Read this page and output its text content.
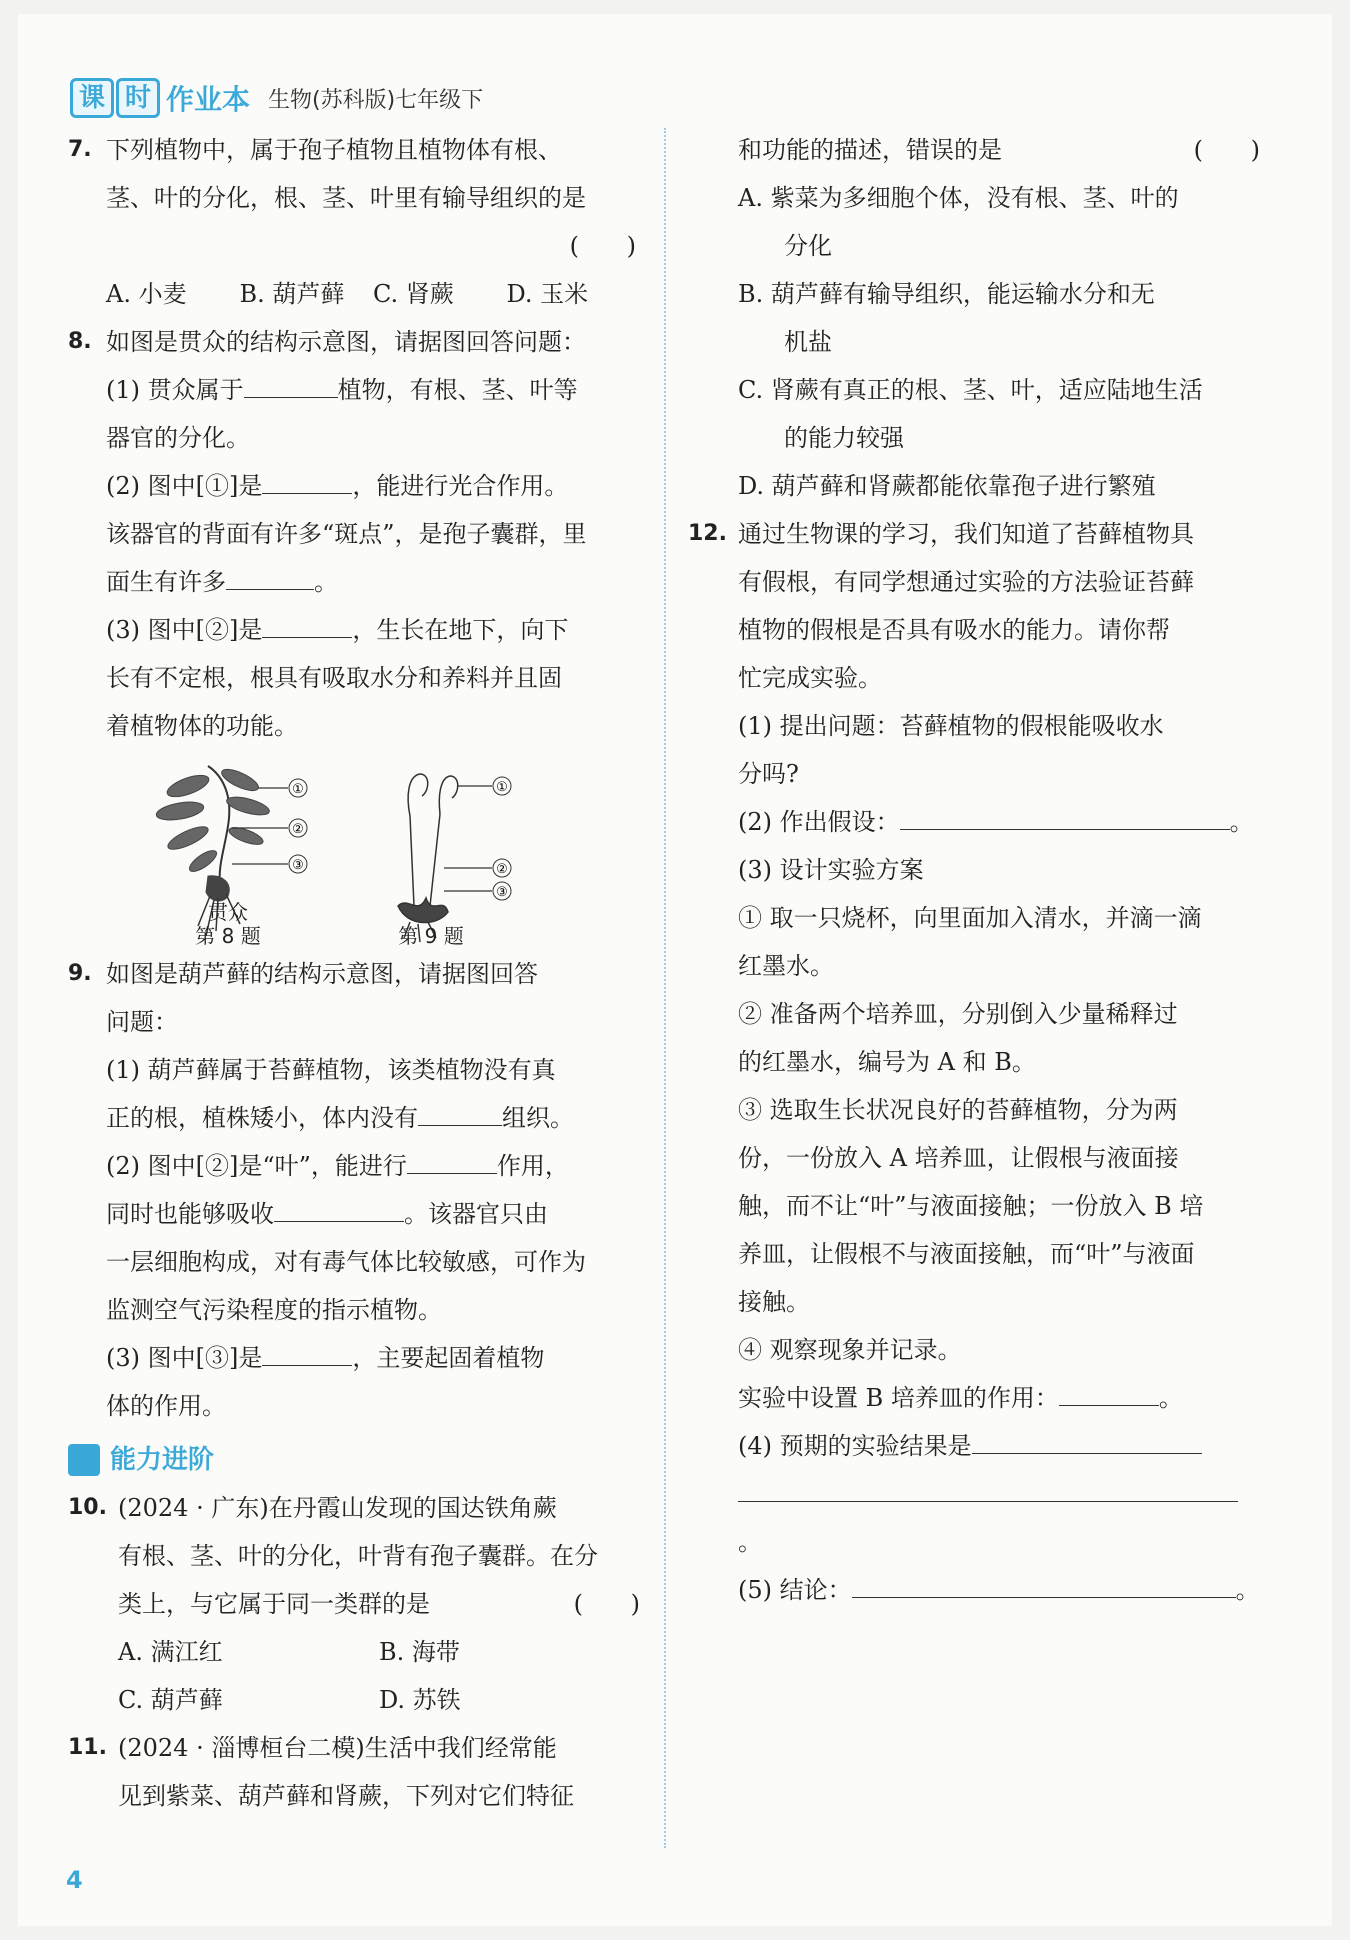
课 时 作业本 生物(苏科版)七年级下
7. 下列植物中，属于孢子植物且植物体有根、
茎、叶的分化，根、茎、叶里有输导组织的是
( )
A. 小麦	B. 葫芦藓	C. 肾蕨	D. 玉米
8. 如图是贯众的结构示意图，请据图回答问题：
(1) 贯众属于	植物，有根、茎、叶等
器官的分化。
(2) 图中[①]是	，能进行光合作用。
该器官的背面有许多“斑点”，是孢子囊群，里
面生有许多	。
(3) 图中[②]是	，生长在地下，向下
长有不定根，根具有吸取水分和养料并且固
着植物体的功能。
①
②
③
①
②
③
贯众
第 8 题	第 9 题
9. 如图是葫芦藓的结构示意图，请据图回答
问题：
(1) 葫芦藓属于苔藓植物，该类植物没有真
正的根，植株矮小，体内没有	组织。
(2) 图中[②]是“叶”，能进行	作用，
同时也能够吸收	。该器官只由
一层细胞构成，对有毒气体比较敏感，可作为
监测空气污染程度的指示植物。
(3) 图中[③]是	，主要起固着植物
体的作用。
能力进阶
10. (2024 · 广东)在丹霞山发现的国达铁角蕨
有根、茎、叶的分化，叶背有孢子囊群。在分
类上，与它属于同一类群的是	( )
A. 满江红	B. 海带
C. 葫芦藓	D. 苏铁
11. (2024 · 淄博桓台二模)生活中我们经常能
见到紫菜、葫芦藓和肾蕨，下列对它们特征
和功能的描述，错误的是	( )
A. 紫菜为多细胞个体，没有根、茎、叶的
分化
B. 葫芦藓有输导组织，能运输水分和无
机盐
C. 肾蕨有真正的根、茎、叶，适应陆地生活
的能力较强
D. 葫芦藓和肾蕨都能依靠孢子进行繁殖
12. 通过生物课的学习，我们知道了苔藓植物具
有假根，有同学想通过实验的方法验证苔藓
植物的假根是否具有吸水的能力。请你帮
忙完成实验。
(1) 提出问题：苔藓植物的假根能吸收水
分吗?
(2) 作出假设：	。
(3) 设计实验方案
① 取一只烧杯，向里面加入清水，并滴一滴
红墨水。
② 准备两个培养皿，分别倒入少量稀释过
的红墨水，编号为 A 和 B。
③ 选取生长状况良好的苔藓植物，分为两
份，一份放入 A 培养皿，让假根与液面接
触，而不让“叶”与液面接触；一份放入 B 培
养皿，让假根不与液面接触，而“叶”与液面
接触。
④ 观察现象并记录。
实验中设置 B 培养皿的作用：	。
(4) 预期的实验结果是
。
(5) 结论：	。
4
